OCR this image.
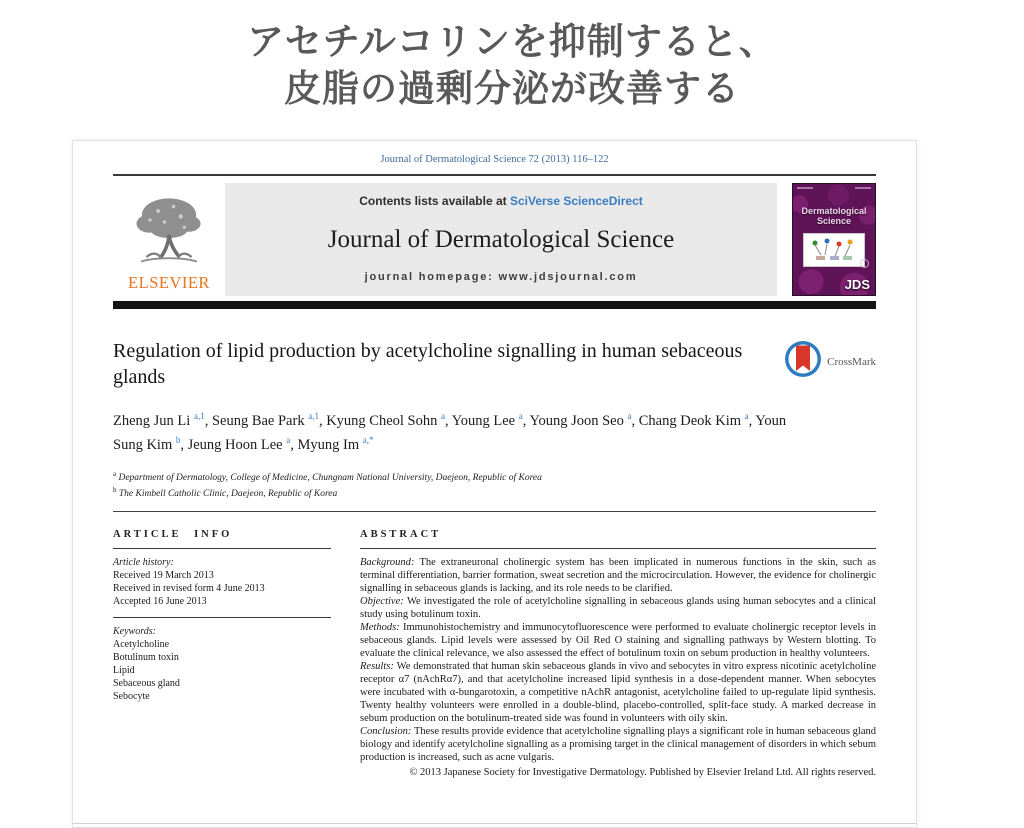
アセチルコリンを抑制すると、
皮脂の過剰分泌が改善する
Journal of Dermatological Science 72 (2013) 116–122
ELSEVIER
Contents lists available at SciVerse ScienceDirect
Journal of Dermatological Science
journal homepage: www.jdsjournal.com
Dermatological
Science
JDS
Regulation of lipid production by acetylcholine signalling in human sebaceous glands
CrossMark

Zheng Jun Li $^{a,1}$, Seung Bae Park $^{a,1}$, Kyung Cheol Sohn $^a$, Young Lee $^a$, Young Joon Seo $^a$, Chang Deok Kim $^a$, Youn Sung Kim $^b$, Jeung Hoon Lee $^a$, Myung Im $^{a,*}$

$^a$ Department of Dermatology, College of Medicine, Chungnam National University, Daejeon, Republic of Korea
$^b$ The Kimbell Catholic Clinic, Daejeon, Republic of Korea
ARTICLE INFO
Article history:
Received 19 March 2013
Received in revised form 4 June 2013
Accepted 16 June 2013
Keywords:
Acetylcholine
Botulinum toxin
Lipid
Sebaceous gland
Sebocyte
ABSTRACT

Background: The extraneuronal cholinergic system has been implicated in numerous functions in the skin, such as terminal differentiation, barrier formation, sweat secretion and the microcirculation. However, the evidence for cholinergic signalling in sebaceous glands is lacking, and its role needs to be clarified.

Objective: We investigated the role of acetylcholine signalling in sebaceous glands using human sebocytes and a clinical study using botulinum toxin.

Methods: Immunohistochemistry and immunocytofluorescence were performed to evaluate cholinergic receptor levels in sebaceous glands. Lipid levels were assessed by Oil Red O staining and signalling pathways by Western blotting. To evaluate the clinical relevance, we also assessed the effect of botulinum toxin on sebum production in healthy volunteers.

Results: We demonstrated that human skin sebaceous glands in vivo and sebocytes in vitro express nicotinic acetylcholine receptor α7 (nAchRα7), and that acetylcholine increased lipid synthesis in a dose-dependent manner. When sebocytes were incubated with α-bungarotoxin, a competitive nAchR antagonist, acetylcholine failed to up-regulate lipid synthesis. Twenty healthy volunteers were enrolled in a double-blind, placebo-controlled, split-face study. A marked decrease in sebum production on the botulinum-treated side was found in volunteers with oily skin.

Conclusion: These results provide evidence that acetylcholine signalling plays a significant role in human sebaceous gland biology and identify acetylcholine signalling as a promising target in the clinical management of disorders in which sebum production is increased, such as acne vulgaris.

© 2013 Japanese Society for Investigative Dermatology. Published by Elsevier Ireland Ltd. All rights reserved.
